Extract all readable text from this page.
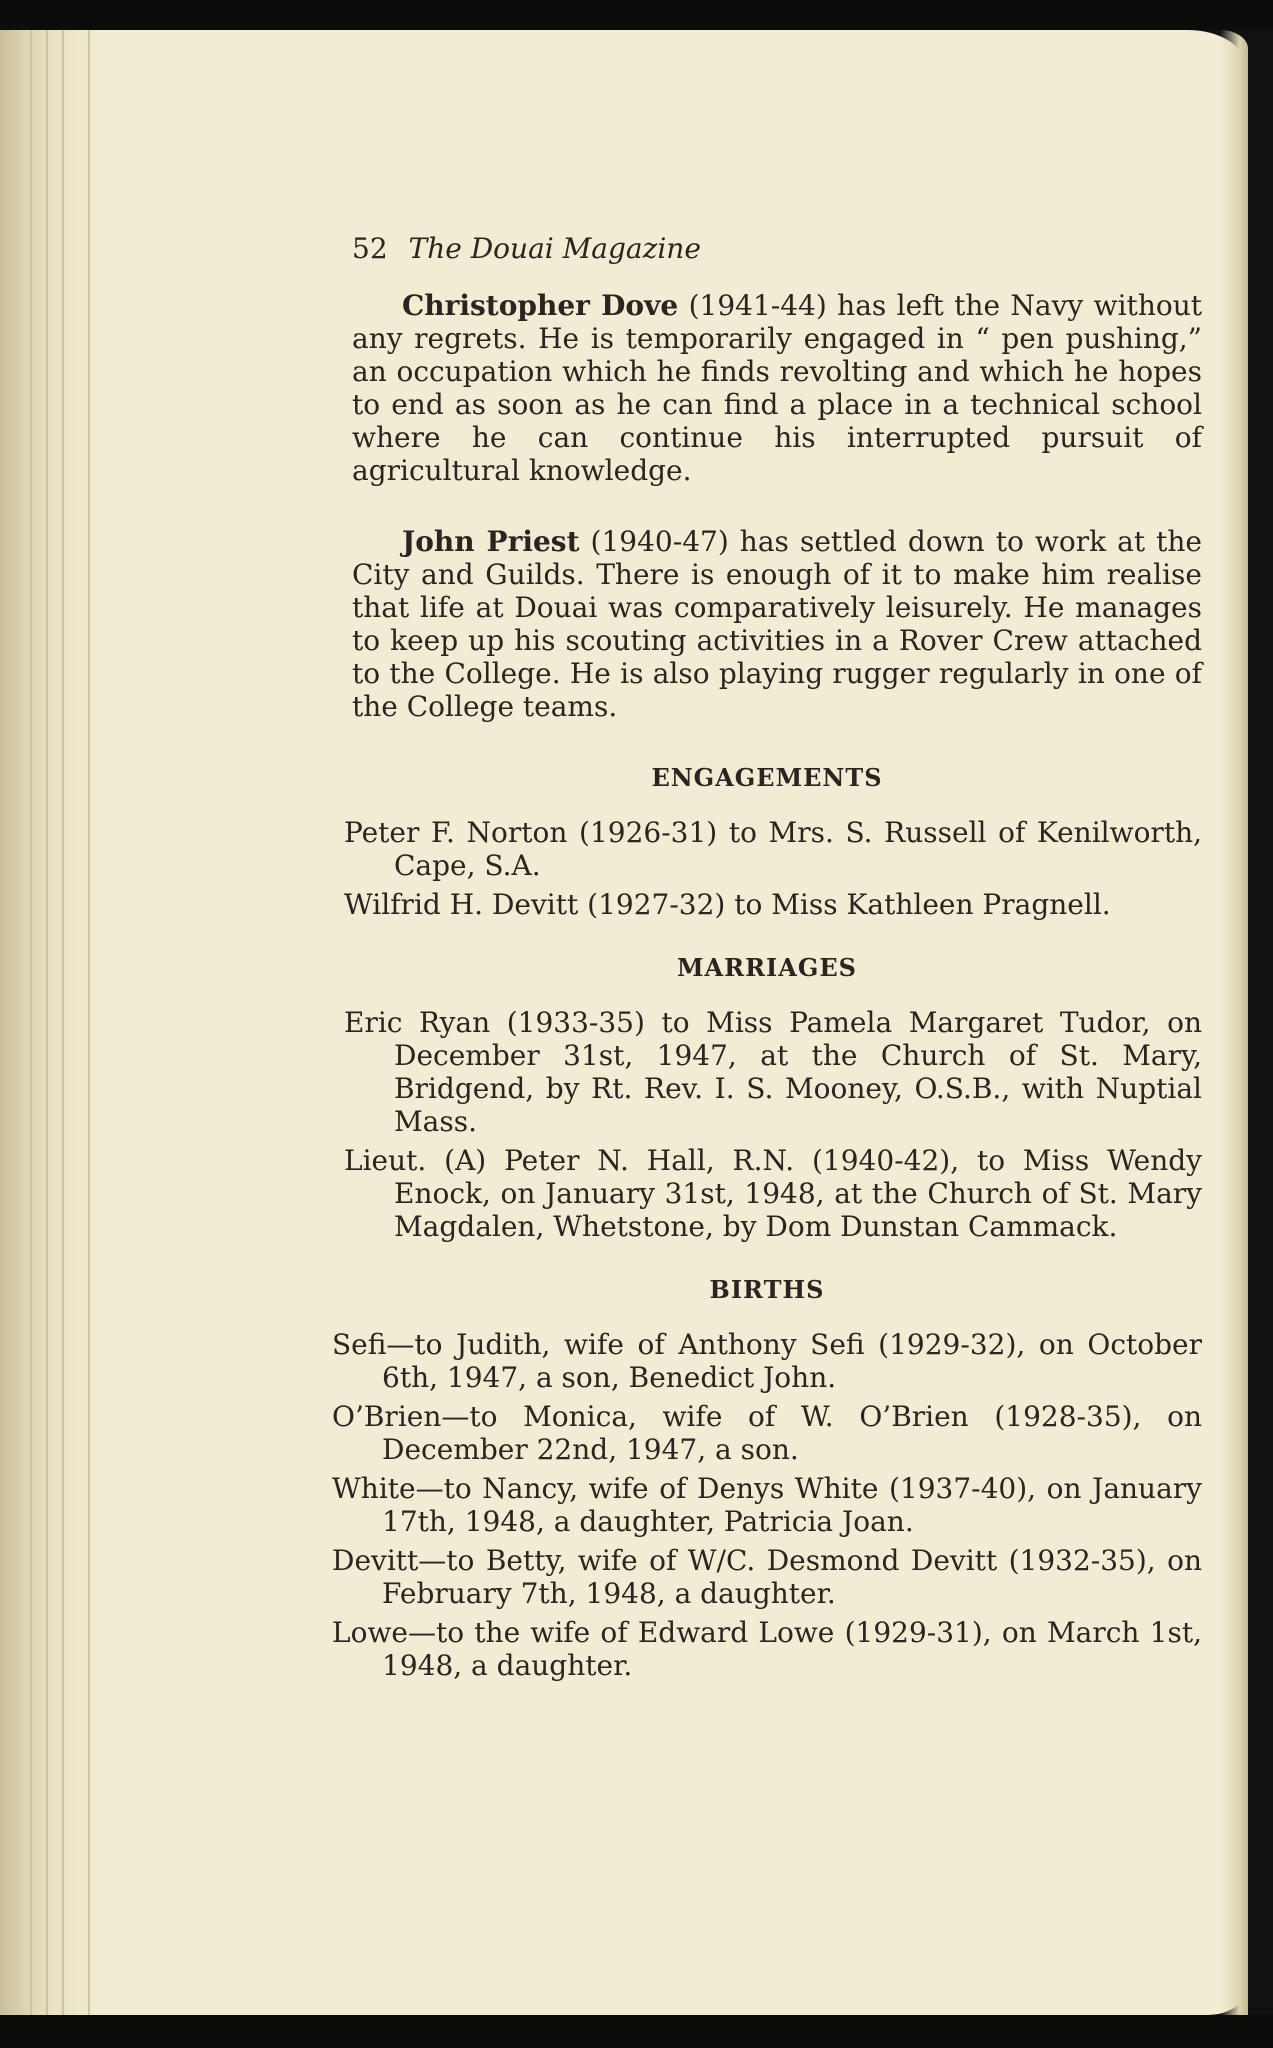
52 The Douai Magazine

Christopher Dove (1941-44) has left the Navy without any regrets. He is temporarily engaged in “ pen pushing,” an occupation which he finds revolting and which he hopes to end as soon as he can find a place in a technical school where he can continue his interrupted pursuit of agricultural knowledge.

John Priest (1940-47) has settled down to work at the City and Guilds. There is enough of it to make him realise that life at Douai was comparatively leisurely. He manages to keep up his scouting activities in a Rover Crew attached to the College. He is also playing rugger regularly in one of the College teams.

ENGAGEMENTS
Peter F. Norton (1926-31) to Mrs. S. Russell of Kenilworth, Cape, S.A.
Wilfrid H. Devitt (1927-32) to Miss Kathleen Pragnell.
MARRIAGES
Eric Ryan (1933-35) to Miss Pamela Margaret Tudor, on December 31st, 1947, at the Church of St. Mary, Bridgend, by Rt. Rev. I. S. Mooney, O.S.B., with Nuptial Mass.
Lieut. (A) Peter N. Hall, R.N. (1940-42), to Miss Wendy Enock, on January 31st, 1948, at the Church of St. Mary Magdalen, Whetstone, by Dom Dunstan Cammack.
BIRTHS
Sefi—to Judith, wife of Anthony Sefi (1929-32), on October 6th, 1947, a son, Benedict John.
O’Brien—to Monica, wife of W. O’Brien (1928-35), on December 22nd, 1947, a son.
White—to Nancy, wife of Denys White (1937-40), on January 17th, 1948, a daughter, Patricia Joan.
Devitt—to Betty, wife of W/C. Desmond Devitt (1932-35), on February 7th, 1948, a daughter.
Lowe—to the wife of Edward Lowe (1929-31), on March 1st, 1948, a daughter.
